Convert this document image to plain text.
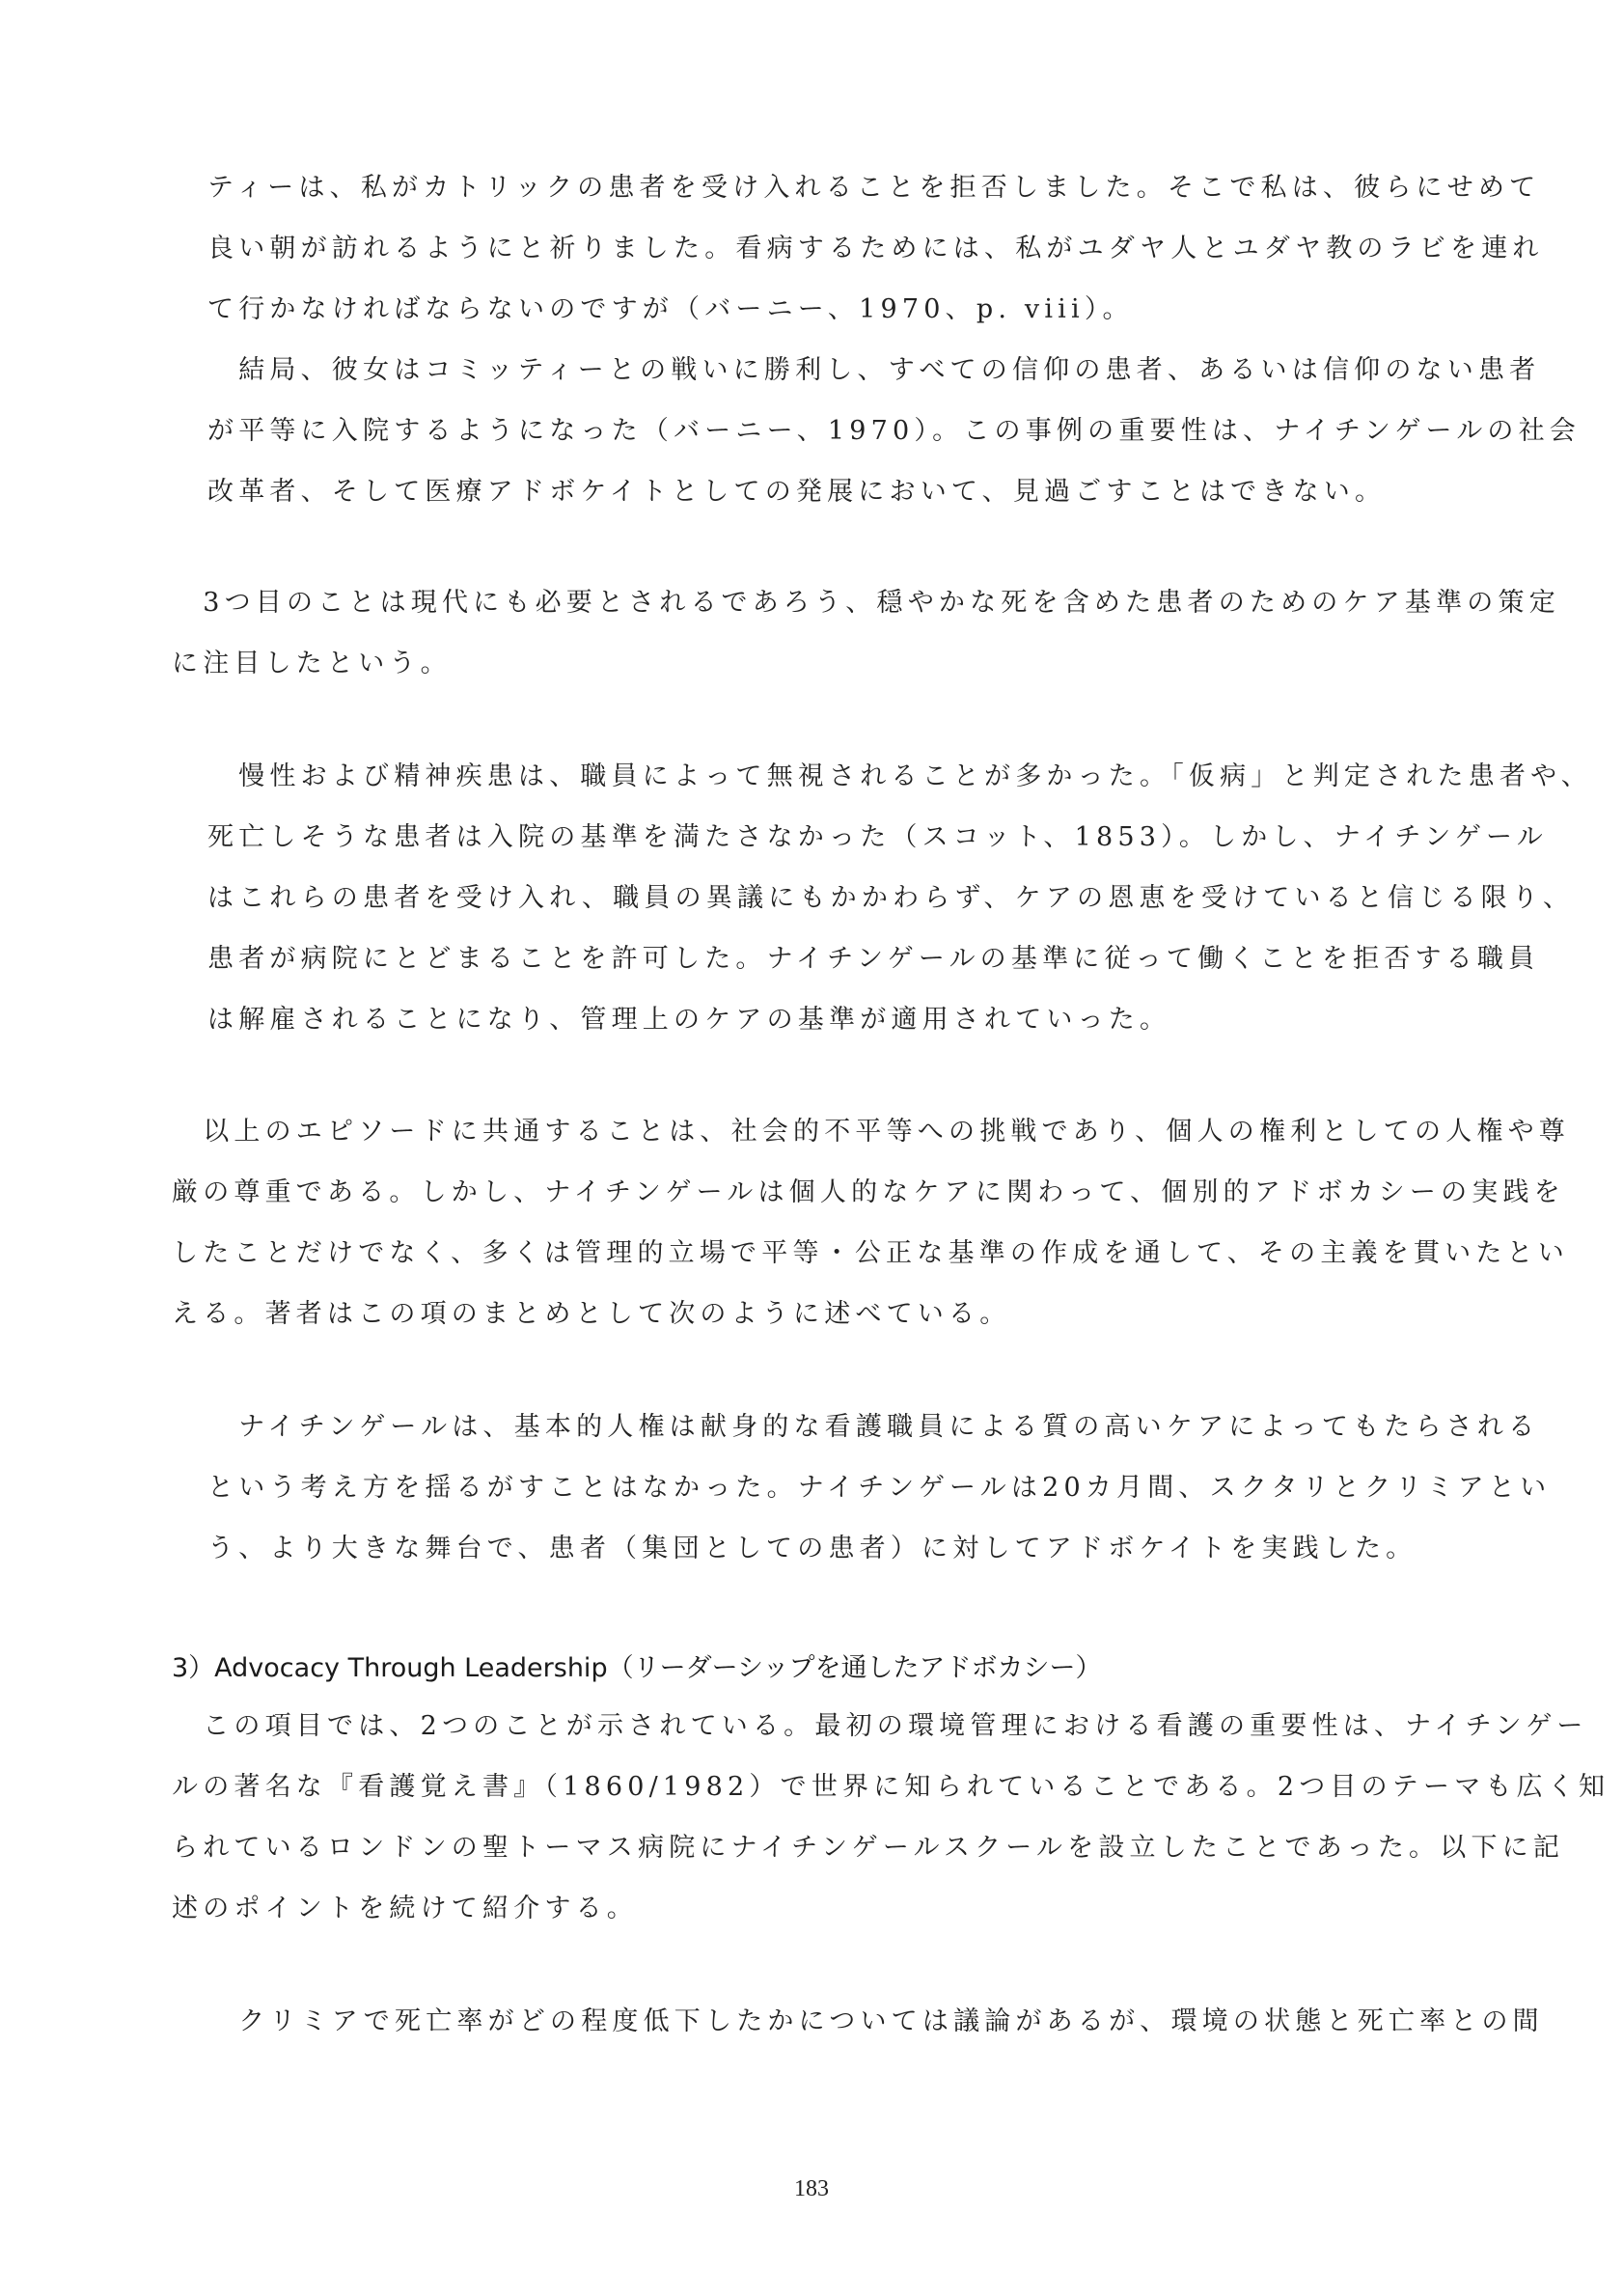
ティーは、私がカトリックの患者を受け入れることを拒否しました。そこで私は、彼らにせめて
良い朝が訪れるようにと祈りました。看病するためには、私がユダヤ人とユダヤ教のラビを連れ
て行かなければならないのですが（バーニー、1970、p. viii）。
　結局、彼女はコミッティーとの戦いに勝利し、すべての信仰の患者、あるいは信仰のない患者
が平等に入院するようになった（バーニー、1970）。この事例の重要性は、ナイチンゲールの社会
改革者、そして医療アドボケイトとしての発展において、見過ごすことはできない。
　3つ目のことは現代にも必要とされるであろう、穏やかな死を含めた患者のためのケア基準の策定
に注目したという。
　慢性および精神疾患は、職員によって無視されることが多かった。「仮病」と判定された患者や、
死亡しそうな患者は入院の基準を満たさなかった（スコット、1853）。しかし、ナイチンゲール
はこれらの患者を受け入れ、職員の異議にもかかわらず、ケアの恩恵を受けていると信じる限り、
患者が病院にとどまることを許可した。ナイチンゲールの基準に従って働くことを拒否する職員
は解雇されることになり、管理上のケアの基準が適用されていった。
　以上のエピソードに共通することは、社会的不平等への挑戦であり、個人の権利としての人権や尊
厳の尊重である。しかし、ナイチンゲールは個人的なケアに関わって、個別的アドボカシーの実践を
したことだけでなく、多くは管理的立場で平等・公正な基準の作成を通して、その主義を貫いたとい
える。著者はこの項のまとめとして次のように述べている。
　ナイチンゲールは、基本的人権は献身的な看護職員による質の高いケアによってもたらされる
という考え方を揺るがすことはなかった。ナイチンゲールは20カ月間、スクタリとクリミアとい
う、より大きな舞台で、患者（集団としての患者）に対してアドボケイトを実践した。
3）Advocacy Through Leadership（リーダーシップを通したアドボカシー）
　この項目では、2つのことが示されている。最初の環境管理における看護の重要性は、ナイチンゲー
ルの著名な『看護覚え書』（1860/1982）で世界に知られていることである。2つ目のテーマも広く知
られているロンドンの聖トーマス病院にナイチンゲールスクールを設立したことであった。以下に記
述のポイントを続けて紹介する。
　クリミアで死亡率がどの程度低下したかについては議論があるが、環境の状態と死亡率との間
183
